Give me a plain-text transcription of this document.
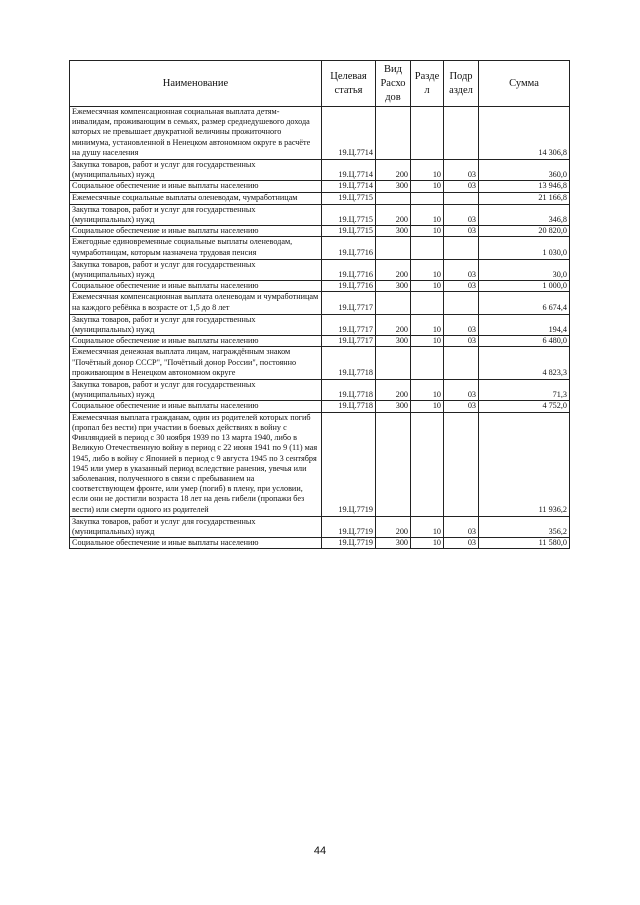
Наименование	Целевая статья	Вид Расхо дов	Разде л	Подр аздел	Сумма
Ежемесячная компенсационная социальная выплата детям-инвалидам, проживающим в семьях, размер среднедушевого дохода которых не превышает двукратной величины прожиточного минимума, установленной в Ненецком автономном округе в расчёте на душу населения	19.Ц.7714				14 306,8
Закупка товаров, работ и услуг для государственных (муниципальных) нужд	19.Ц.7714	200	10	03	360,0
Социальное обеспечение и иные выплаты населению	19.Ц.7714	300	10	03	13 946,8
Ежемесячные социальные выплаты оленеводам, чумработницам	19.Ц.7715				21 166,8
Закупка товаров, работ и услуг для государственных (муниципальных) нужд	19.Ц.7715	200	10	03	346,8
Социальное обеспечение и иные выплаты населению	19.Ц.7715	300	10	03	20 820,0
Ежегодные единовременные социальные выплаты оленеводам, чумработницам, которым назначена трудовая пенсия	19.Ц.7716				1 030,0
Закупка товаров, работ и услуг для государственных (муниципальных) нужд	19.Ц.7716	200	10	03	30,0
Социальное обеспечение и иные выплаты населению	19.Ц.7716	300	10	03	1 000,0
Ежемесячная компенсационная выплата оленеводам и чумработницам на каждого ребёнка в возрасте от 1,5 до 8 лет	19.Ц.7717				6 674,4
Закупка товаров, работ и услуг для государственных (муниципальных) нужд	19.Ц.7717	200	10	03	194,4
Социальное обеспечение и иные выплаты населению	19.Ц.7717	300	10	03	6 480,0
Ежемесячная денежная выплата лицам, награждённым знаком "Почётный донор СССР", "Почётный донор России", постоянно проживающим в Ненецком автономном округе	19.Ц.7718				4 823,3
Закупка товаров, работ и услуг для государственных (муниципальных) нужд	19.Ц.7718	200	10	03	71,3
Социальное обеспечение и иные выплаты населению	19.Ц.7718	300	10	03	4 752,0
Ежемесячная выплата гражданам, один из родителей которых погиб (пропал без вести) при участии в боевых действиях в войну с Финляндией в период с 30 ноября 1939 по 13 марта 1940, либо в Великую Отечественную войну в период с 22 июня 1941 по 9 (11) мая 1945, либо в войну с Японией в период с 9 августа 1945 по 3 сентября 1945 или умер в указанный период вследствие ранения, увечья или заболевания, полученного в связи с пребыванием на соответствующем фронте, или умер (погиб) в плену, при условии, если они не достигли возраста 18 лет на день гибели (пропажи без вести) или смерти одного из родителей	19.Ц.7719				11 936,2
Закупка товаров, работ и услуг для государственных (муниципальных) нужд	19.Ц.7719	200	10	03	356,2
Социальное обеспечение и иные выплаты населению	19.Ц.7719	300	10	03	11 580,0
44
